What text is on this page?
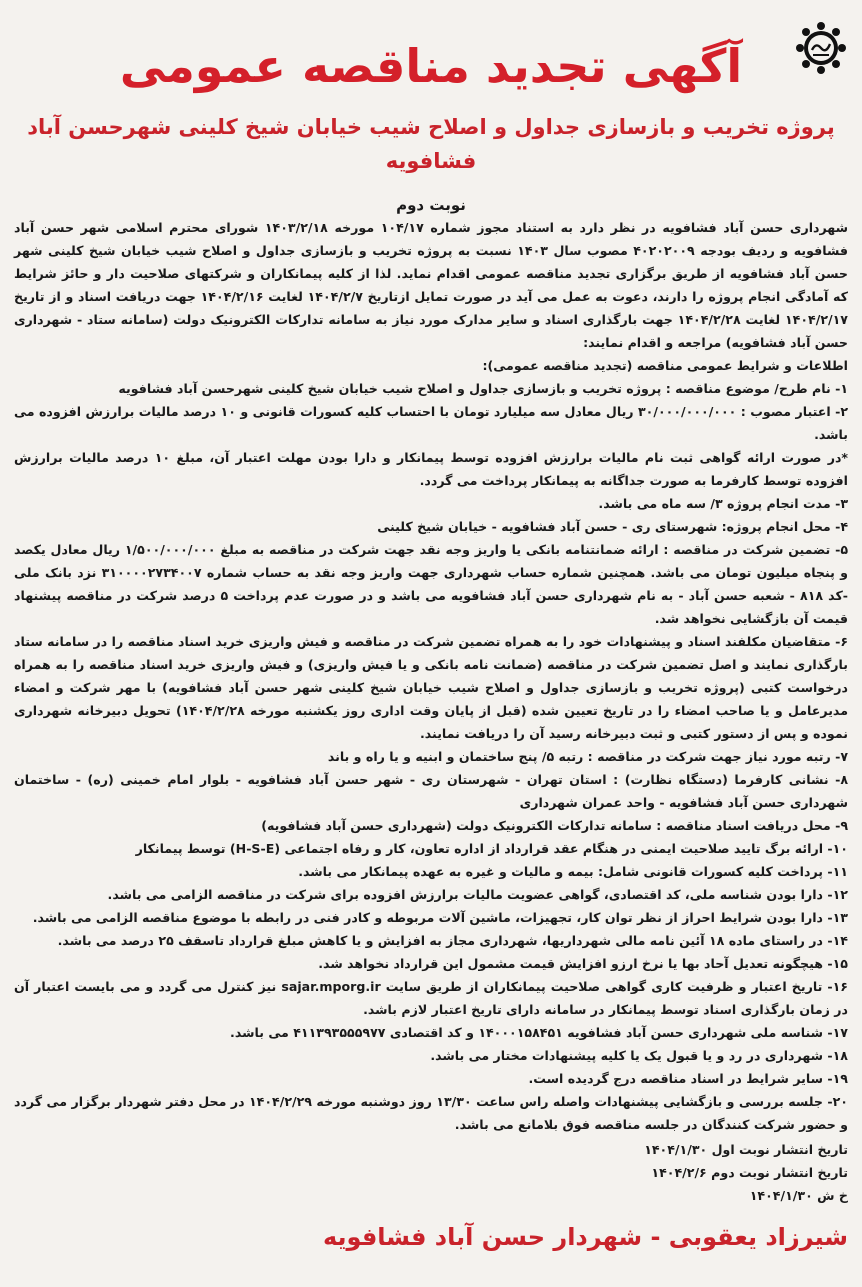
آگهی تجدید مناقصه عمومی
پروژه تخریب و بازسازی جداول و اصلاح شیب خیابان شیخ کلینی شهرحسن آباد فشافویه
نوبت دوم
شهرداری حسن آباد فشافویه در نظر دارد به استناد مجوز شماره ۱۰۴/۱۷ مورخه ۱۴۰۳/۲/۱۸ شورای محترم اسلامی شهر حسن آباد فشافویه و ردیف بودجه ۴۰۲۰۲۰۰۹ مصوب سال ۱۴۰۳ نسبت به پروژه تخریب و بازسازی جداول و اصلاح شیب خیابان شیخ کلینی شهر حسن آباد فشافویه از طریق برگزاری تجدید مناقصه عمومی اقدام نماید. لذا از کلیه پیمانکاران و شرکتهای صلاحیت دار و حائز شرایط که آمادگی انجام پروژه را دارند، دعوت به عمل می آید در صورت تمایل ازتاریخ ۱۴۰۴/۲/۷ لغایت ۱۴۰۴/۲/۱۶ جهت دریافت اسناد و از تاریخ ۱۴۰۴/۲/۱۷ لغایت ۱۴۰۴/۲/۲۸ جهت بارگذاری اسناد و سایر مدارک مورد نیاز به سامانه تدارکات الکترونیک دولت (سامانه ستاد - شهرداری حسن آباد فشافویه) مراجعه و اقدام نمایند:
اطلاعات و شرایط عمومی مناقصه (تجدید مناقصه عمومی):
۱- نام طرح/ موضوع مناقصه : پروژه تخریب و بازسازی جداول و اصلاح شیب خیابان شیخ کلینی شهرحسن آباد فشافویه
۲- اعتبار مصوب : ۳۰/۰۰۰/۰۰۰/۰۰۰ ریال معادل سه میلیارد تومان با احتساب کلیه کسورات قانونی و ۱۰ درصد مالیات برارزش افزوده می باشد.
*در صورت ارائه گواهی ثبت نام مالیات برارزش افزوده توسط پیمانکار و دارا بودن مهلت اعتبار آن، مبلغ ۱۰ درصد مالیات برارزش افزوده توسط کارفرما به صورت جداگانه به پیمانکار پرداخت می گردد.
۳- مدت انجام پروژه ۳/ سه ماه می باشد.
۴- محل انجام پروژه: شهرستای ری - حسن آباد فشافویه - خیابان شیخ کلینی
۵- تضمین شرکت در مناقصه : ارائه ضمانتنامه بانکی یا واریز وجه نقد جهت شرکت در مناقصه به مبلغ ۱/۵۰۰/۰۰۰/۰۰۰ ریال معادل یکصد و پنجاه میلیون تومان می باشد. همچنین شماره حساب شهرداری جهت واریز وجه نقد به حساب شماره ۳۱۰۰۰۰۲۷۳۴۰۰۷ نزد بانک ملی -کد ۸۱۸ - شعبه حسن آباد - به نام شهرداری حسن آباد فشافویه می باشد و در صورت عدم پرداخت ۵ درصد شرکت در مناقصه پیشنهاد قیمت آن بازگشایی نخواهد شد.
۶- متقاضیان مکلفند اسناد و پیشنهادات خود را به همراه تضمین شرکت در مناقصه و فیش واریزی خرید اسناد مناقصه را در سامانه ستاد بارگذاری نمایند و اصل تضمین شرکت در مناقصه (ضمانت نامه بانکی و یا فیش واریزی) و فیش واریزی خرید اسناد مناقصه را به همراه درخواست کتبی (پروژه تخریب و بازسازی جداول و اصلاح شیب خیابان شیخ کلینی شهر حسن آباد فشافویه) با مهر شرکت و امضاء مدیرعامل و یا صاحب امضاء را در تاریخ تعیین شده (قبل از پایان وقت اداری روز یکشنبه مورخه ۱۴۰۴/۲/۲۸) تحویل دبیرخانه شهرداری نموده و پس از دستور کتبی و ثبت دبیرخانه رسید آن را دریافت نمایند.
۷- رتبه مورد نیاز جهت شرکت در مناقصه : رتبه ۵/ پنج ساختمان و ابنیه و یا راه و باند
۸- نشانی کارفرما (دستگاه نظارت) : استان تهران - شهرستان ری - شهر حسن آباد فشافویه - بلوار امام خمینی (ره) - ساختمان شهرداری حسن آباد فشافویه - واحد عمران شهرداری
۹- محل دریافت اسناد مناقصه : سامانه تدارکات الکترونیک دولت (شهرداری حسن آباد فشافویه)
۱۰- ارائه برگ تایید صلاحیت ایمنی در هنگام عقد قرارداد از اداره تعاون، کار و رفاه اجتماعی (H-S-E) توسط پیمانکار
۱۱- پرداخت کلیه کسورات قانونی شامل: بیمه و مالیات و غیره به عهده پیمانکار می باشد.
۱۲- دارا بودن شناسه ملی، کد اقتصادی، گواهی عضویت مالیات برارزش افزوده برای شرکت در مناقصه الزامی می باشد.
۱۳- دارا بودن شرایط احراز از نظر توان کار، تجهیزات، ماشین آلات مربوطه و کادر فنی در رابطه با موضوع مناقصه الزامی می باشد.
۱۴- در راستای ماده ۱۸ آئین نامه مالی شهرداریها، شهرداری مجاز به افزایش و یا کاهش مبلغ قرارداد تاسقف ۲۵ درصد می باشد.
۱۵- هیچگونه تعدیل آحاد بها یا نرخ ارزو افزایش قیمت مشمول این قرارداد نخواهد شد.
۱۶- تاریخ اعتبار و ظرفیت کاری گواهی صلاحیت پیمانکاران از طریق سایت sajar.mporg.ir نیز کنترل می گردد و می بایست اعتبار آن در زمان بارگذاری اسناد توسط پیمانکار در سامانه دارای تاریخ اعتبار لازم باشد.
۱۷- شناسه ملی شهرداری حسن آباد فشافویه ۱۴۰۰۰۱۵۸۴۵۱ و کد اقتصادی ۴۱۱۳۹۳۵۵۵۹۷۷ می باشد.
۱۸- شهرداری در رد و یا قبول یک یا کلیه پیشنهادات مختار می باشد.
۱۹- سایر شرایط در اسناد مناقصه درج گردیده است.
۲۰- جلسه بررسی و بازگشایی پیشنهادات واصله راس ساعت ۱۳/۳۰ روز دوشنبه مورخه ۱۴۰۴/۲/۲۹ در محل دفتر شهردار برگزار می گردد و حضور شرکت کنندگان در جلسه مناقصه فوق بلامانع می باشد.
تاریخ انتشار نوبت اول ۱۴۰۴/۱/۳۰
تاریخ انتشار نوبت دوم ۱۴۰۴/۲/۶
خ ش ۱۴۰۴/۱/۳۰
شیرزاد یعقوبی - شهردار حسن آباد فشافویه
